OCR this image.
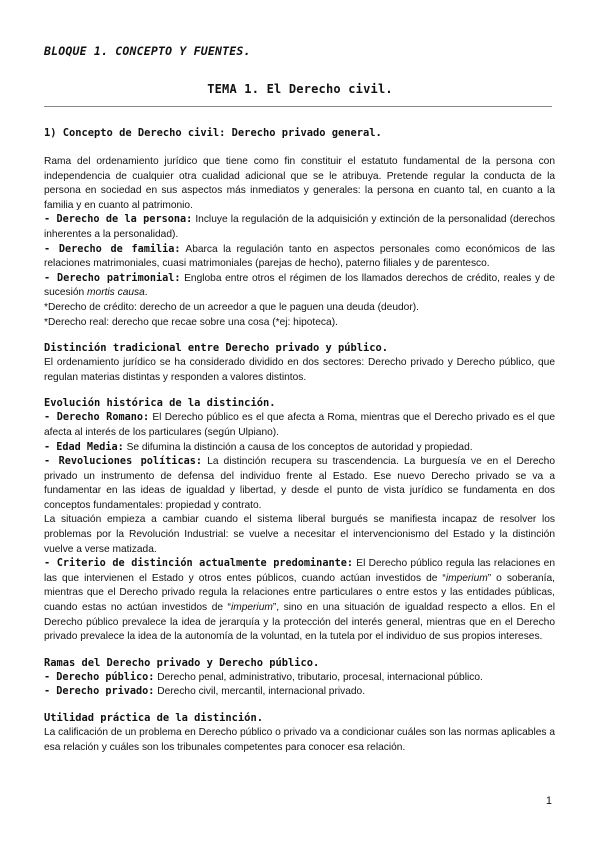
BLOQUE 1. CONCEPTO Y FUENTES.
TEMA 1. El Derecho civil.
1) Concepto de Derecho civil: Derecho privado general.

Rama del ordenamiento jurídico que tiene como fin constituir el estatuto fundamental de la persona con independencia de cualquier otra cualidad adicional que se le atribuya. Pretende regular la conducta de la persona en sociedad en sus aspectos más inmediatos y generales: la persona en cuanto tal, en cuanto a la familia y en cuanto al patrimonio.

- Derecho de la persona: Incluye la regulación de la adquisición y extinción de la personalidad (derechos inherentes a la personalidad).

- Derecho de familia: Abarca la regulación tanto en aspectos personales como económicos de las relaciones matrimoniales, cuasi matrimoniales (parejas de hecho), paterno filiales y de parentesco.

- Derecho patrimonial: Engloba entre otros el régimen de los llamados derechos de crédito, reales y de sucesión mortis causa.

*Derecho de crédito: derecho de un acreedor a que le paguen una deuda (deudor).

*Derecho real: derecho que recae sobre una cosa (*ej: hipoteca).

Distinción tradicional entre Derecho privado y público.

El ordenamiento jurídico se ha considerado dividido en dos sectores: Derecho privado y Derecho público, que regulan materias distintas y responden a valores distintos.

Evolución histórica de la distinción.

- Derecho Romano: El Derecho público es el que afecta a Roma, mientras que el Derecho privado es el que afecta al interés de los particulares (según Ulpiano).

- Edad Media: Se difumina la distinción a causa de los conceptos de autoridad y propiedad.

- Revoluciones políticas: La distinción recupera su trascendencia. La burguesía ve en el Derecho privado un instrumento de defensa del individuo frente al Estado. Ese nuevo Derecho privado se va a fundamentar en las ideas de igualdad y libertad, y desde el punto de vista jurídico se fundamenta en dos conceptos fundamentales: propiedad y contrato.

La situación empieza a cambiar cuando el sistema liberal burgués se manifiesta incapaz de resolver los problemas por la Revolución Industrial: se vuelve a necesitar el intervencionismo del Estado y la distinción vuelve a verse matizada.

- Criterio de distinción actualmente predominante: El Derecho público regula las relaciones en las que intervienen el Estado y otros entes públicos, cuando actúan investidos de “imperium” o soberanía, mientras que el Derecho privado regula la relaciones entre particulares o entre estos y las entidades públicas, cuando estas no actúan investidos de “imperium”, sino en una situación de igualdad respecto a ellos. En el Derecho público prevalece la idea de jerarquía y la protección del interés general, mientras que en el Derecho privado prevalece la idea de la autonomía de la voluntad, en la tutela por el individuo de sus propios intereses.

Ramas del Derecho privado y Derecho público.

- Derecho público: Derecho penal, administrativo, tributario, procesal, internacional público.

- Derecho privado: Derecho civil, mercantil, internacional privado.

Utilidad práctica de la distinción.

La calificación de un problema en Derecho público o privado va a condicionar cuáles son las normas aplicables a esa relación y cuáles son los tribunales competentes para conocer esa relación.

1
